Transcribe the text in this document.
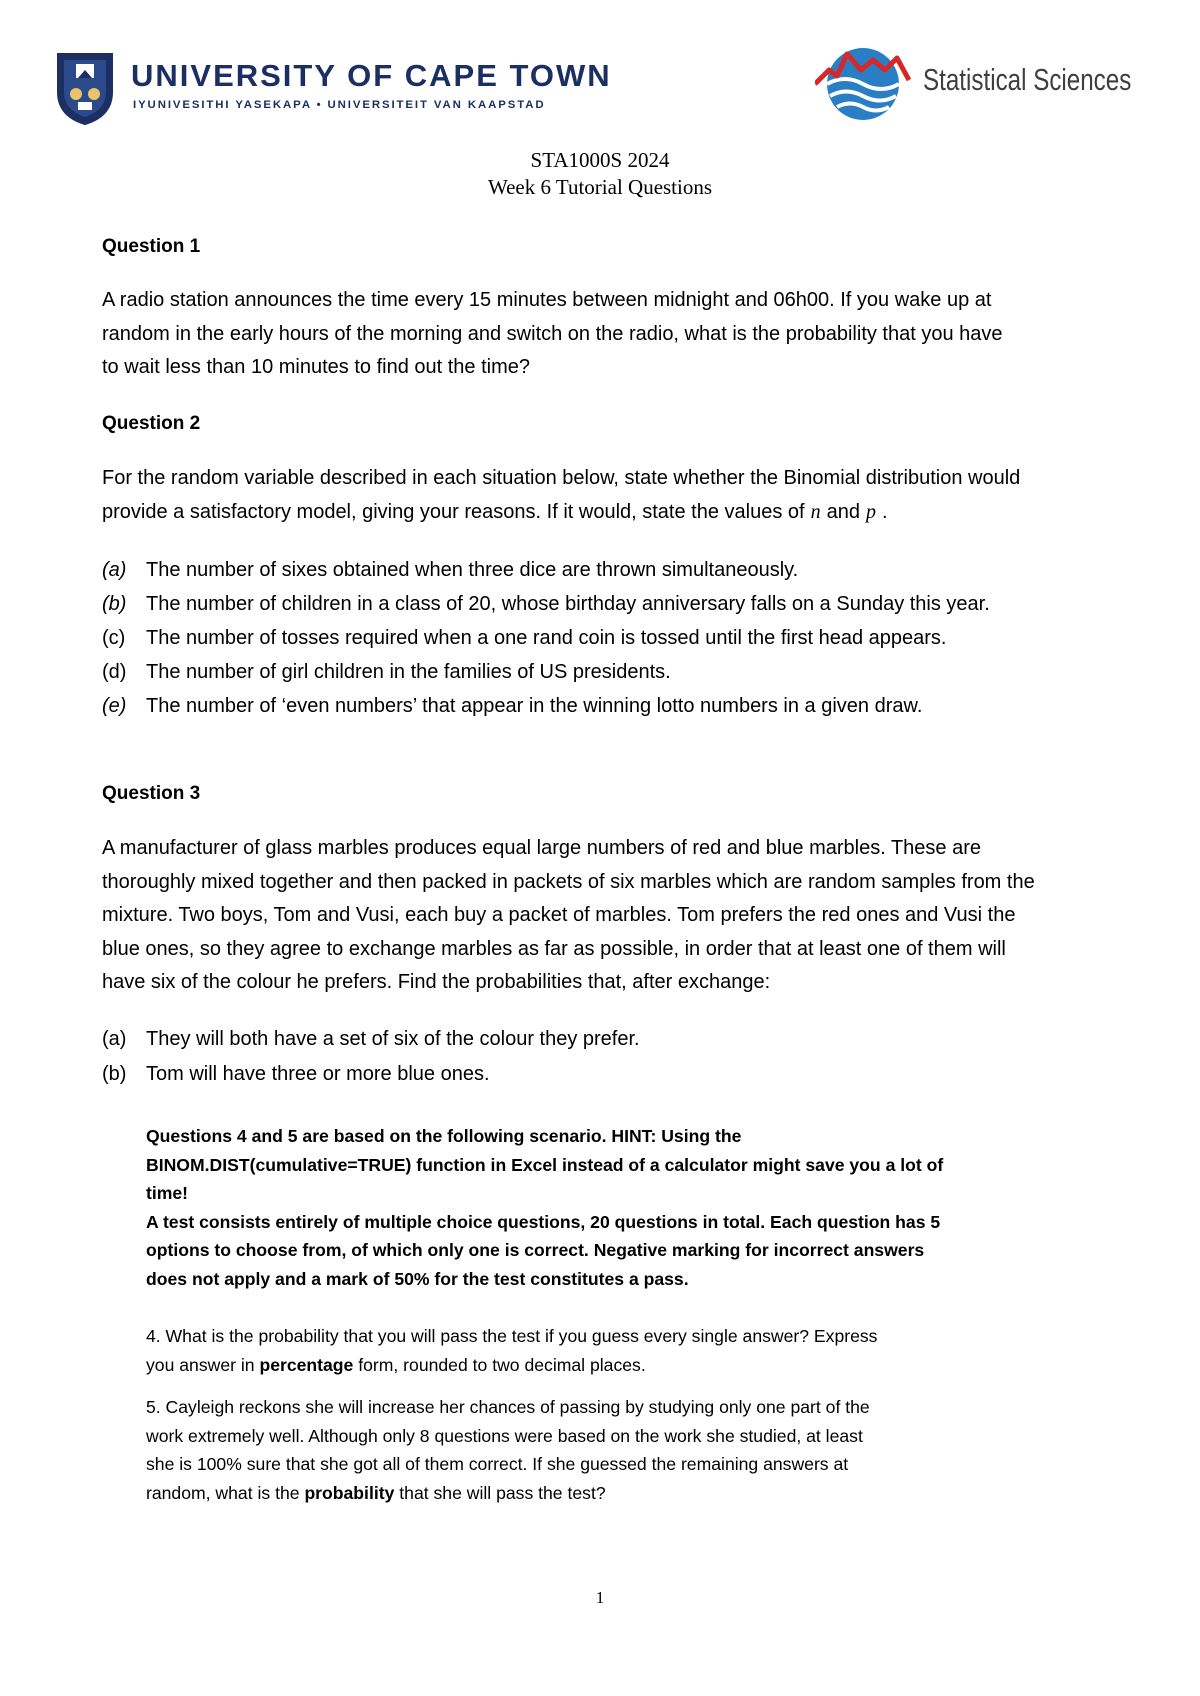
UNIVERSITY OF CAPE TOWN
IYUNIVESITHI YASEKAPA • UNIVERSITEIT VAN KAAPSTAD
Statistical Sciences
STA1000S 2024
Week 6 Tutorial Questions
Question 1
A radio station announces the time every 15 minutes between midnight and 06h00. If you wake up at
random in the early hours of the morning and switch on the radio, what is the probability that you have
to wait less than 10 minutes to find out the time?
Question 2
For the random variable described in each situation below, state whether the Binomial distribution would
provide a satisfactory model, giving your reasons. If it would, state the values of n and p .
(a) The number of sixes obtained when three dice are thrown simultaneously.
(b) The number of children in a class of 20, whose birthday anniversary falls on a Sunday this year.
(c) The number of tosses required when a one rand coin is tossed until the first head appears.
(d) The number of girl children in the families of US presidents.
(e) The number of ‘even numbers’ that appear in the winning lotto numbers in a given draw.
Question 3
A manufacturer of glass marbles produces equal large numbers of red and blue marbles. These are
thoroughly mixed together and then packed in packets of six marbles which are random samples from the
mixture. Two boys, Tom and Vusi, each buy a packet of marbles. Tom prefers the red ones and Vusi the
blue ones, so they agree to exchange marbles as far as possible, in order that at least one of them will
have six of the colour he prefers. Find the probabilities that, after exchange:
(a) They will both have a set of six of the colour they prefer.
(b) Tom will have three or more blue ones.
Questions 4 and 5 are based on the following scenario. HINT: Using the
BINOM.DIST(cumulative=TRUE) function in Excel instead of a calculator might save you a lot of
time!
A test consists entirely of multiple choice questions, 20 questions in total. Each question has 5
options to choose from, of which only one is correct. Negative marking for incorrect answers
does not apply and a mark of 50% for the test constitutes a pass.
4. What is the probability that you will pass the test if you guess every single answer? Express
you answer in percentage form, rounded to two decimal places.
5. Cayleigh reckons she will increase her chances of passing by studying only one part of the
work extremely well. Although only 8 questions were based on the work she studied, at least
she is 100% sure that she got all of them correct. If she guessed the remaining answers at
random, what is the probability that she will pass the test?
1
